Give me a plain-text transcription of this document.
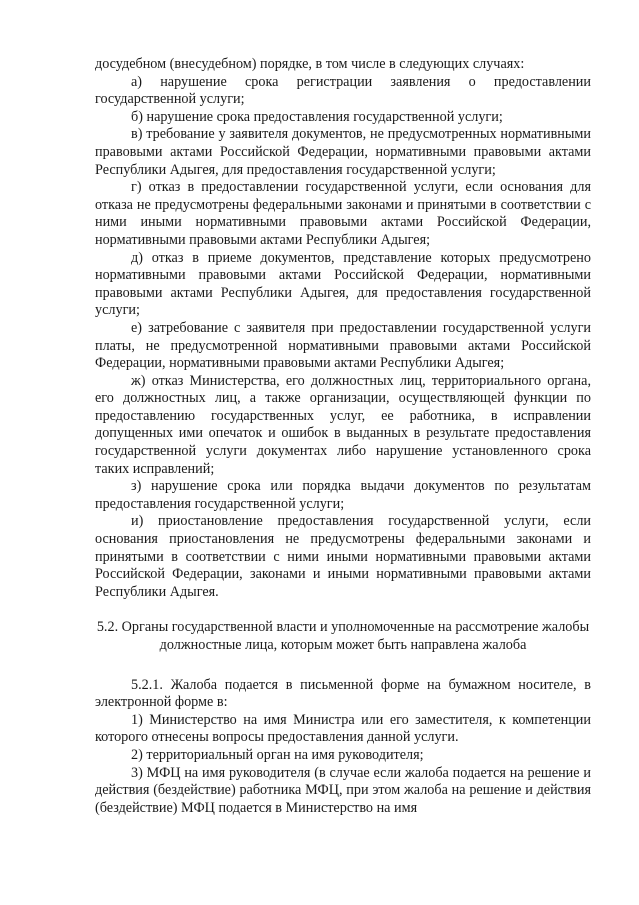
досудебном (внесудебном) порядке, в том числе в следующих случаях:

а) нарушение срока регистрации заявления о предоставлении государственной услуги;

б) нарушение срока предоставления государственной услуги;

в) требование у заявителя документов, не предусмотренных нормативными правовыми актами Российской Федерации, нормативными правовыми актами Республики Адыгея, для предоставления государственной услуги;

г) отказ в предоставлении государственной услуги, если основания для отказа не предусмотрены федеральными законами и принятыми в соответствии с ними иными нормативными правовыми актами Российской Федерации, нормативными правовыми актами Республики Адыгея;

д) отказ в приеме документов, представление которых предусмотрено нормативными правовыми актами Российской Федерации, нормативными правовыми актами Республики Адыгея, для предоставления государственной услуги;

е) затребование с заявителя при предоставлении государственной услуги платы, не предусмотренной нормативными правовыми актами Российской Федерации, нормативными правовыми актами Республики Адыгея;

ж) отказ Министерства, его должностных лиц, территориального органа, его должностных лиц, а также организации, осуществляющей функции по предоставлению государственных услуг, ее работника, в исправлении допущенных ими опечаток и ошибок в выданных в результате предоставления государственной услуги документах либо нарушение установленного срока таких исправлений;

з) нарушение срока или порядка выдачи документов по результатам предоставления государственной услуги;

и) приостановление предоставления государственной услуги, если основания приостановления не предусмотрены федеральными законами и принятыми в соответствии с ними иными нормативными правовыми актами Российской Федерации, законами и иными нормативными правовыми актами Республики Адыгея.

5.2. Органы государственной власти и уполномоченные на рассмотрение жалобы должностные лица, которым может быть направлена жалоба

5.2.1. Жалоба подается в письменной форме на бумажном носителе, в электронной форме в:

1) Министерство на имя Министра или его заместителя, к компетенции которого отнесены вопросы предоставления данной услуги.

2) территориальный орган на имя руководителя;

3) МФЦ на имя руководителя (в случае если жалоба подается на решение и действия (бездействие) работника МФЦ, при этом жалоба на решение и действия (бездействие) МФЦ подается в Министерство на имя
